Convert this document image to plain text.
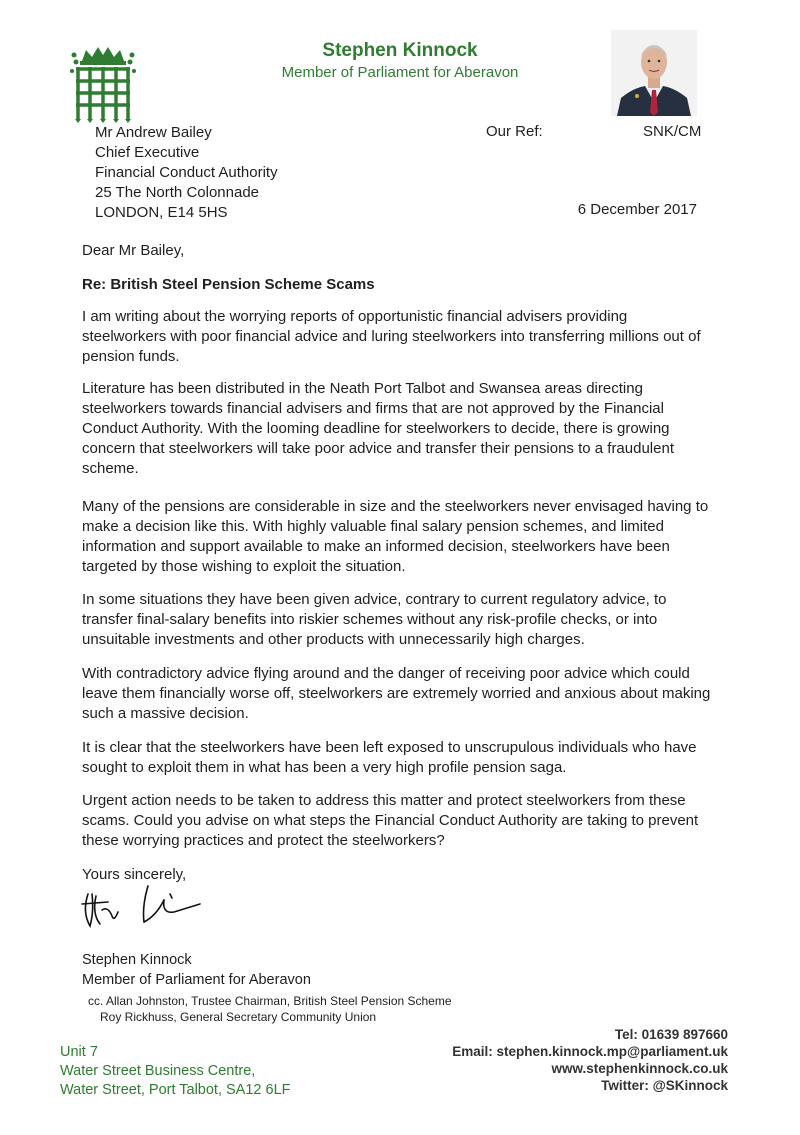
Stephen Kinnock
Member of Parliament for Aberavon
Mr Andrew Bailey
Chief Executive
Financial Conduct Authority
25 The North Colonnade
LONDON, E14 5HS
Our Ref:	SNK/CM
6 December 2017
Dear Mr Bailey,
Re: British Steel Pension Scheme Scams

I am writing about the worrying reports of opportunistic financial advisers providing steelworkers with poor financial advice and luring steelworkers into transferring millions out of pension funds.

Literature has been distributed in the Neath Port Talbot and Swansea areas directing steelworkers towards financial advisers and firms that are not approved by the Financial Conduct Authority. With the looming deadline for steelworkers to decide, there is growing concern that steelworkers will take poor advice and transfer their pensions to a fraudulent scheme.

Many of the pensions are considerable in size and the steelworkers never envisaged having to make a decision like this. With highly valuable final salary pension schemes, and limited information and support available to make an informed decision, steelworkers have been targeted by those wishing to exploit the situation.

In some situations they have been given advice, contrary to current regulatory advice, to transfer final-salary benefits into riskier schemes without any risk-profile checks, or into unsuitable investments and other products with unnecessarily high charges.

With contradictory advice flying around and the danger of receiving poor advice which could leave them financially worse off, steelworkers are extremely worried and anxious about making such a massive decision.

It is clear that the steelworkers have been left exposed to unscrupulous individuals who have sought to exploit them in what has been a very high profile pension saga.

Urgent action needs to be taken to address this matter and protect steelworkers from these scams. Could you advise on what steps the Financial Conduct Authority are taking to prevent these worrying practices and protect the steelworkers?

Yours sincerely,
Stephen Kinnock
Member of Parliament for Aberavon
cc. Allan Johnston, Trustee Chairman, British Steel Pension Scheme
Roy Rickhuss, General Secretary Community Union
Tel: 01639 897660
Email: stephen.kinnock.mp@parliament.uk
www.stephenkinnock.co.uk
Twitter: @SKinnock
Unit 7
Water Street Business Centre,
Water Street, Port Talbot, SA12 6LF
